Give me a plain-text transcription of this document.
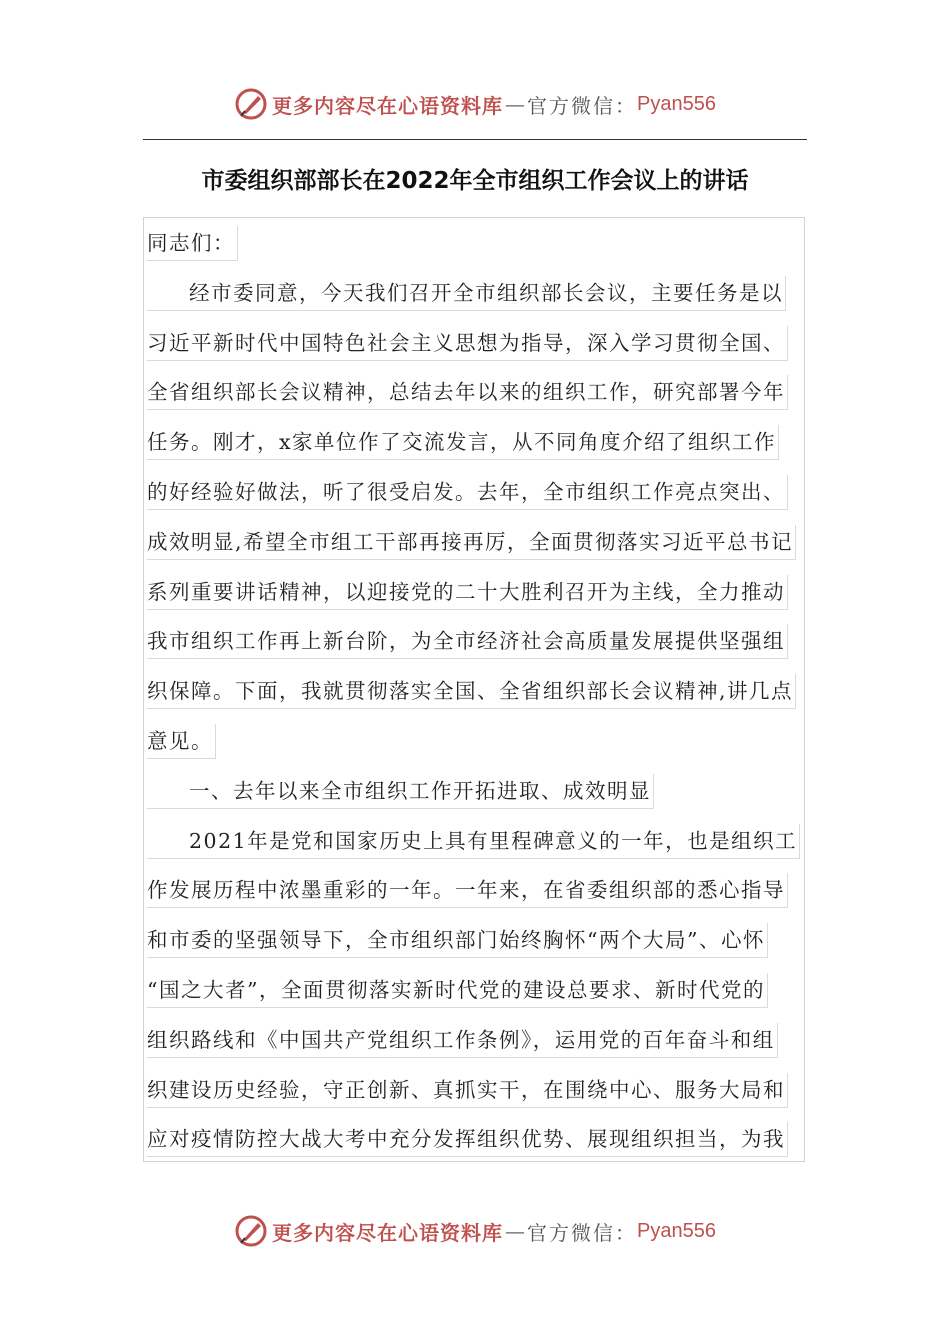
更多内容尽在心语资料库 — 官方微信： Pyan556
市委组织部部长在2022年全市组织工作会议上的讲话
同志们：
经市委同意，今天我们召开全市组织部长会议，主要任务是以
习近平新时代中国特色社会主义思想为指导，深入学习贯彻全国、
全省组织部长会议精神，总结去年以来的组织工作，研究部署今年
任务。刚才，x家单位作了交流发言，从不同角度介绍了组织工作
的好经验好做法，听了很受启发。去年，全市组织工作亮点突出、
成效明显,希望全市组工干部再接再厉，全面贯彻落实习近平总书记
系列重要讲话精神，以迎接党的二十大胜利召开为主线，全力推动
我市组织工作再上新台阶，为全市经济社会高质量发展提供坚强组
织保障。下面，我就贯彻落实全国、全省组织部长会议精神,讲几点
意见。
一、去年以来全市组织工作开拓进取、成效明显
2021年是党和国家历史上具有里程碑意义的一年，也是组织工
作发展历程中浓墨重彩的一年。一年来，在省委组织部的悉心指导
和市委的坚强领导下，全市组织部门始终胸怀“两个大局”、心怀
“国之大者”，全面贯彻落实新时代党的建设总要求、新时代党的
组织路线和《中国共产党组织工作条例》，运用党的百年奋斗和组
织建设历史经验，守正创新、真抓实干，在围绕中心、服务大局和
应对疫情防控大战大考中充分发挥组织优势、展现组织担当，为我
更多内容尽在心语资料库 — 官方微信： Pyan556
